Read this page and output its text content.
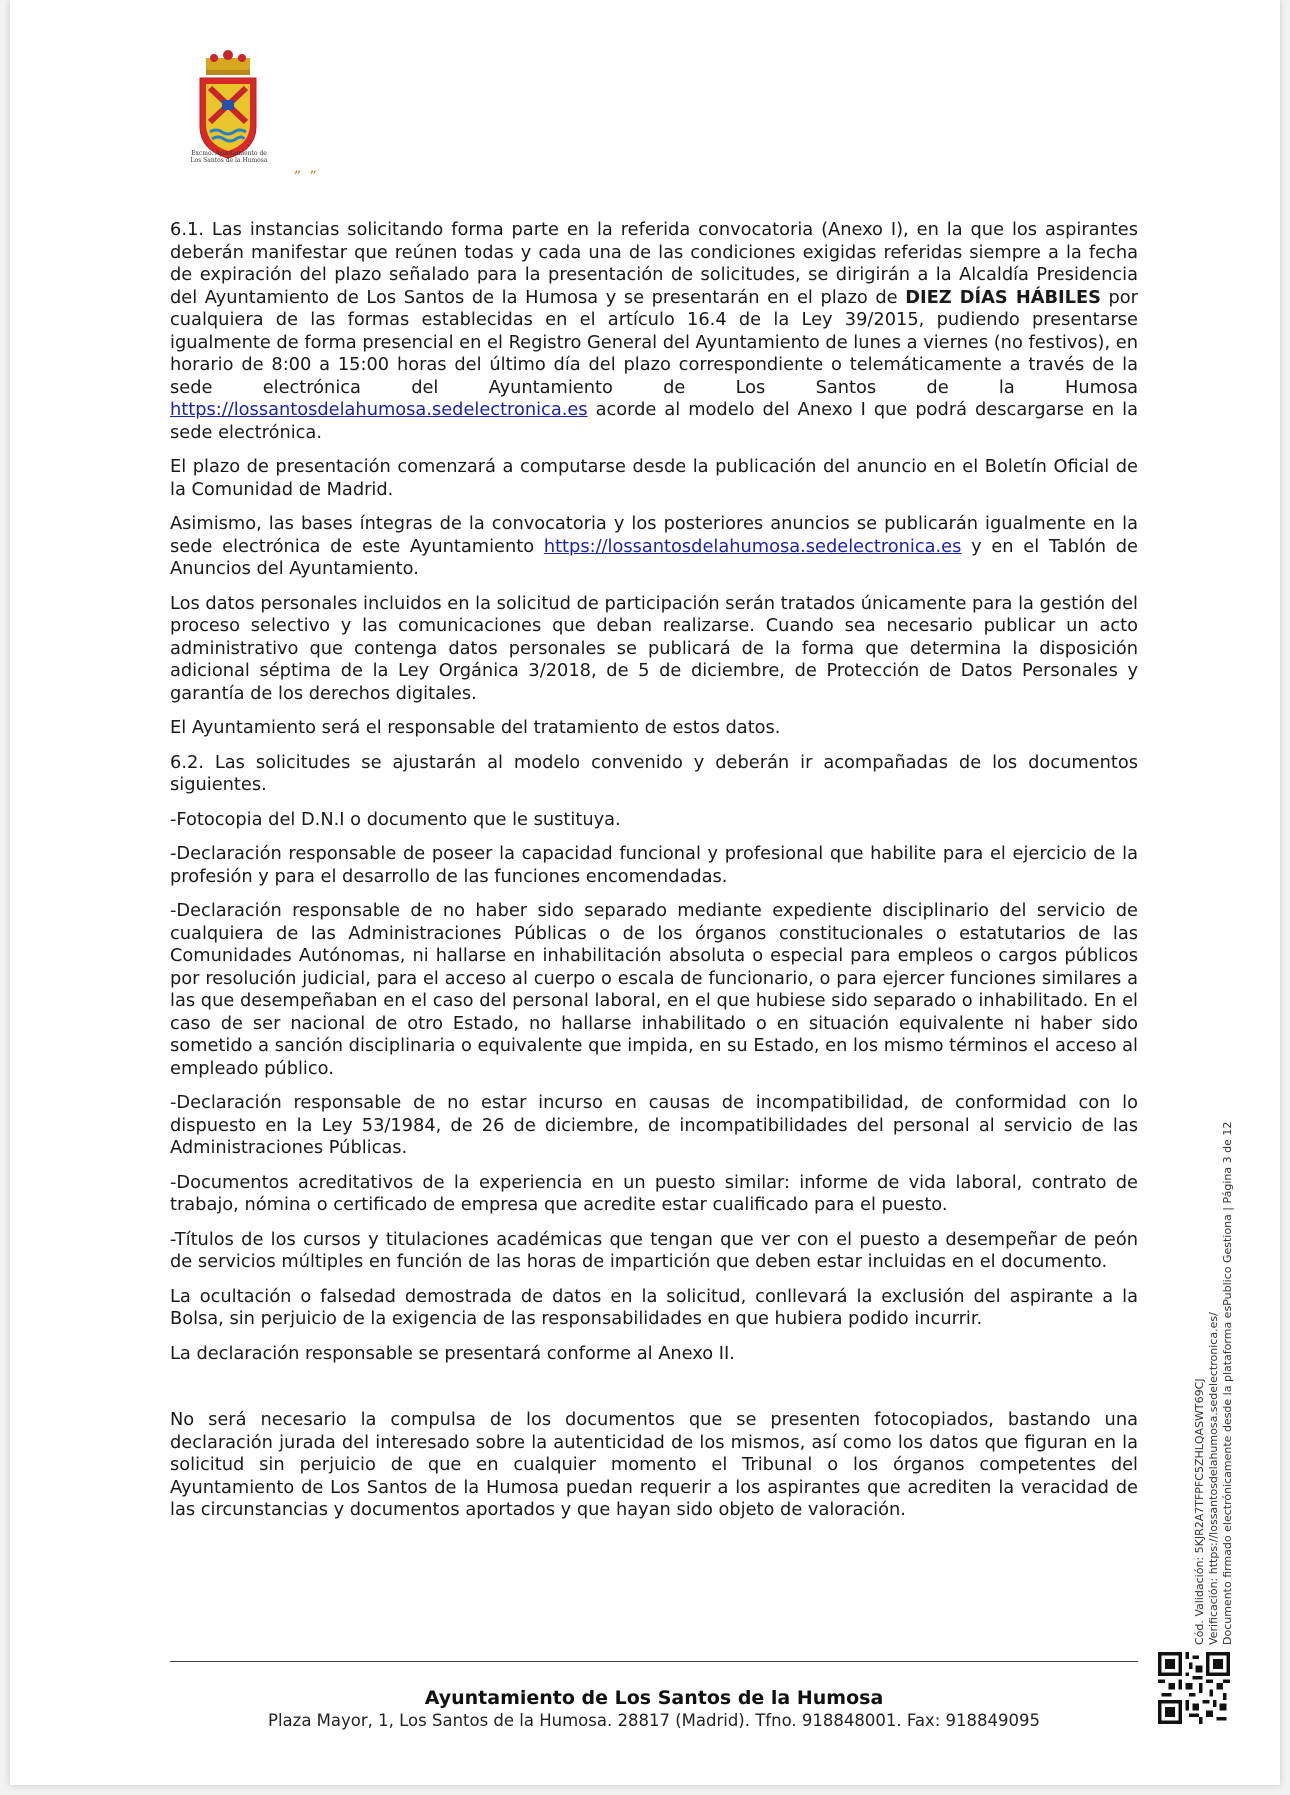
Excmo. Ayuntamiento de
Los Santos de la Humosa	„ „

6.1. Las instancias solicitando forma parte en la referida convocatoria (Anexo I), en la que los aspirantes deberán manifestar que reúnen todas y cada una de las condiciones exigidas referidas siempre a la fecha de expiración del plazo señalado para la presentación de solicitudes, se dirigirán a la Alcaldía Presidencia del Ayuntamiento de Los Santos de la Humosa y se presentarán en el plazo de DIEZ DÍAS HÁBILES por cualquiera de las formas establecidas en el artículo 16.4 de la Ley 39/2015, pudiendo presentarse igualmente de forma presencial en el Registro General del Ayuntamiento de lunes a viernes (no festivos), en horario de 8:00 a 15:00 horas del último día del plazo correspondiente o telemáticamente a través de la sede electrónica del Ayuntamiento de Los Santos de la Humosa https://lossantosdelahumosa.sedelectronica.es acorde al modelo del Anexo I que podrá descargarse en la sede electrónica.

El plazo de presentación comenzará a computarse desde la publicación del anuncio en el Boletín Oficial de la Comunidad de Madrid.

Asimismo, las bases íntegras de la convocatoria y los posteriores anuncios se publicarán igualmente en la sede electrónica de este Ayuntamiento https://lossantosdelahumosa.sedelectronica.es y en el Tablón de Anuncios del Ayuntamiento.

Los datos personales incluidos en la solicitud de participación serán tratados únicamente para la gestión del proceso selectivo y las comunicaciones que deban realizarse. Cuando sea necesario publicar un acto administrativo que contenga datos personales se publicará de la forma que determina la disposición adicional séptima de la Ley Orgánica 3/2018, de 5 de diciembre, de Protección de Datos Personales y garantía de los derechos digitales.

El Ayuntamiento será el responsable del tratamiento de estos datos.

6.2. Las solicitudes se ajustarán al modelo convenido y deberán ir acompañadas de los documentos siguientes.

-Fotocopia del D.N.I o documento que le sustituya.

-Declaración responsable de poseer la capacidad funcional y profesional que habilite para el ejercicio de la profesión y para el desarrollo de las funciones encomendadas.

-Declaración responsable de no haber sido separado mediante expediente disciplinario del servicio de cualquiera de las Administraciones Públicas o de los órganos constitucionales o estatutarios de las Comunidades Autónomas, ni hallarse en inhabilitación absoluta o especial para empleos o cargos públicos por resolución judicial, para el acceso al cuerpo o escala de funcionario, o para ejercer funciones similares a las que desempeñaban en el caso del personal laboral, en el que hubiese sido separado o inhabilitado. En el caso de ser nacional de otro Estado, no hallarse inhabilitado o en situación equivalente ni haber sido sometido a sanción disciplinaria o equivalente que impida, en su Estado, en los mismo términos el acceso al empleado público.

-Declaración responsable de no estar incurso en causas de incompatibilidad, de conformidad con lo dispuesto en la Ley 53/1984, de 26 de diciembre, de incompatibilidades del personal al servicio de las Administraciones Públicas.

-Documentos acreditativos de la experiencia en un puesto similar: informe de vida laboral, contrato de trabajo, nómina o certificado de empresa que acredite estar cualificado para el puesto.

-Títulos de los cursos y titulaciones académicas que tengan que ver con el puesto a desempeñar de peón de servicios múltiples en función de las horas de impartición que deben estar incluidas en el documento.

La ocultación o falsedad demostrada de datos en la solicitud, conllevará la exclusión del aspirante a la Bolsa, sin perjuicio de la exigencia de las responsabilidades en que hubiera podido incurrir.

La declaración responsable se presentará conforme al Anexo II.

No será necesario la compulsa de los documentos que se presenten fotocopiados, bastando una declaración jurada del interesado sobre la autenticidad de los mismos, así como los datos que figuran en la solicitud sin perjuicio de que en cualquier momento el Tribunal o los órganos competentes del Ayuntamiento de Los Santos de la Humosa puedan requerir a los aspirantes que acrediten la veracidad de las circunstancias y documentos aportados y que hayan sido objeto de valoración.

Ayuntamiento de Los Santos de la Humosa
Plaza Mayor, 1, Los Santos de la Humosa. 28817 (Madrid). Tfno. 918848001. Fax: 918849095
Cód. Validación: 5KJR2A7TFPFC5ZHLQASWT69CJ Verificación: https://lossantosdelahumosa.sedelectronica.es/ Documento firmado electrónicamente desde la plataforma esPublico Gestiona | Página 3 de 12
